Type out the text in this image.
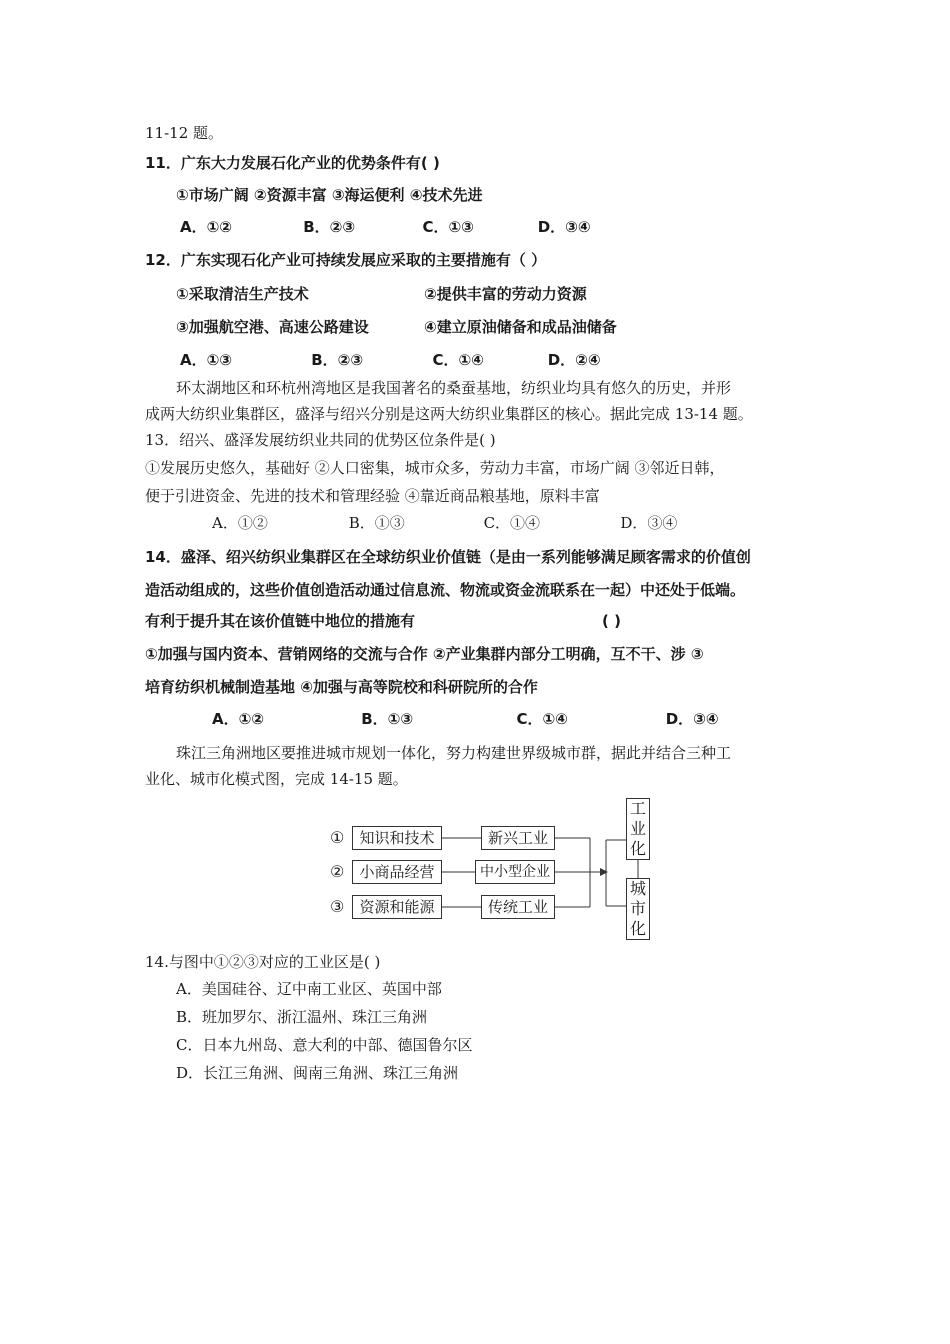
11-12 题。
11．广东大力发展石化产业的优势条件有( )
①市场广阔 ②资源丰富 ③海运便利 ④技术先进
A．①②	B．②③	C．①③	D．③④
12．广东实现石化产业可持续发展应采取的主要措施有（ ）
①采取清洁生产技术	②提供丰富的劳动力资源
③加强航空港、高速公路建设	④建立原油储备和成品油储备
A．①③	B．②③	C．①④	D．②④
环太湖地区和环杭州湾地区是我国著名的桑蚕基地，纺织业均具有悠久的历史，并形
成两大纺织业集群区，盛泽与绍兴分别是这两大纺织业集群区的核心。据此完成 13-14 题。
13．绍兴、盛泽发展纺织业共同的优势区位条件是( )
①发展历史悠久，基础好 ②人口密集，城市众多，劳动力丰富，市场广阔 ③邻近日韩，
便于引进资金、先进的技术和管理经验 ④靠近商品粮基地，原料丰富
A．①②	B．①③	C．①④	D．③④
14．盛泽、绍兴纺织业集群区在全球纺织业价值链（是由一系列能够满足顾客需求的价值创
造活动组成的，这些价值创造活动通过信息流、物流或资金流联系在一起）中还处于低端。
有利于提升其在该价值链中地位的措施有	( )
①加强与国内资本、营销网络的交流与合作 ②产业集群内部分工明确，互不干、涉 ③
培育纺织机械制造基地 ④加强与高等院校和科研院所的合作
A．①②	B．①③	C．①④	D．③④
珠江三角洲地区要推进城市规划一体化，努力构建世界级城市群，据此并结合三种工
业化、城市化模式图，完成 14-15 题。
①	知识和技术	新兴工业
②	小商品经营	中小型企业
③	资源和能源	传统工业
工业化
城市化
14.与图中①②③对应的工业区是( )
A．美国硅谷、辽中南工业区、英国中部
B．班加罗尔、浙江温州、珠江三角洲
C．日本九州岛、意大利的中部、德国鲁尔区
D．长江三角洲、闽南三角洲、珠江三角洲
